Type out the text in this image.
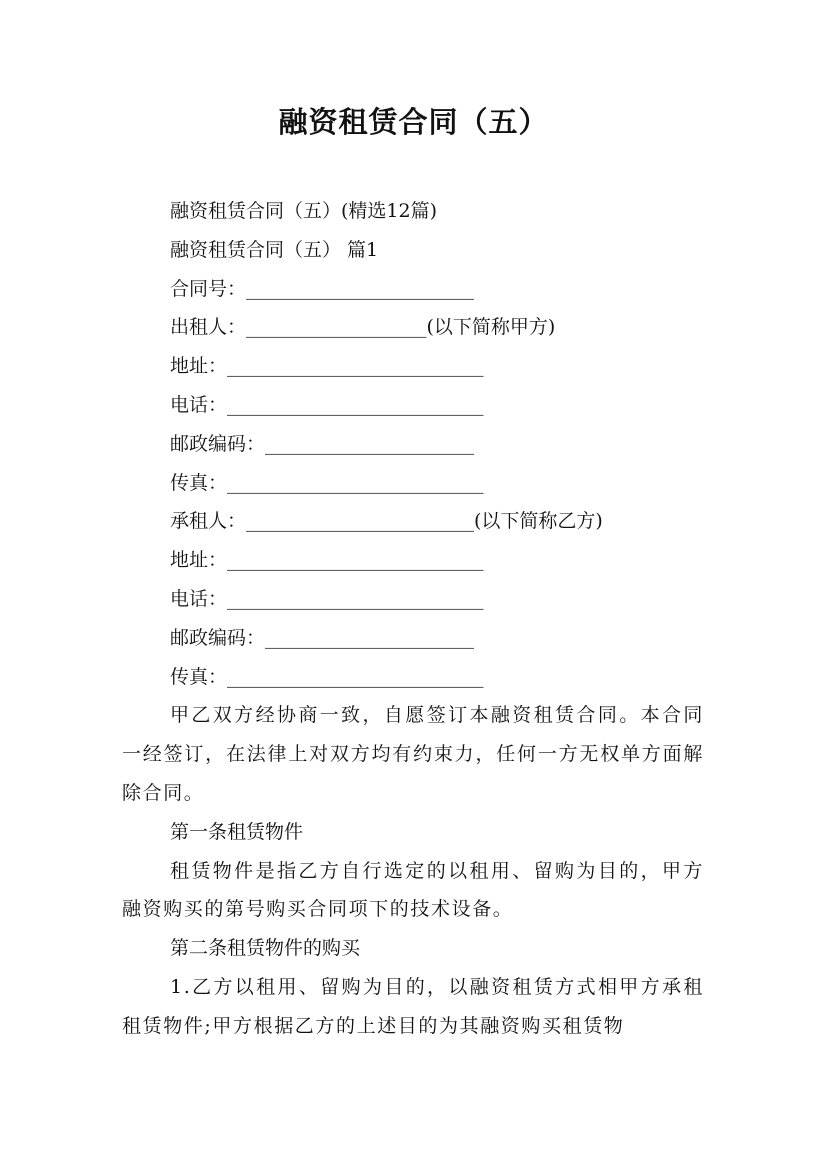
融资租赁合同（五）

融资租赁合同（五）(精选12篇)

融资租赁合同（五） 篇1

合同号：________________________

出租人：___________________(以下简称甲方)

地址：___________________________

电话：___________________________

邮政编码：______________________

传真：___________________________

承租人：________________________(以下简称乙方)

地址：___________________________

电话：___________________________

邮政编码：______________________

传真：___________________________

甲乙双方经协商一致，自愿签订本融资租赁合同。本合同一经签订，在法律上对双方均有约束力，任何一方无权单方面解除合同。

第一条租赁物件

租赁物件是指乙方自行选定的以租用、留购为目的，甲方融资购买的第号购买合同项下的技术设备。

第二条租赁物件的购买

1.乙方以租用、留购为目的，以融资租赁方式相甲方承租租赁物件;甲方根据乙方的上述目的为其融资购买租赁物
